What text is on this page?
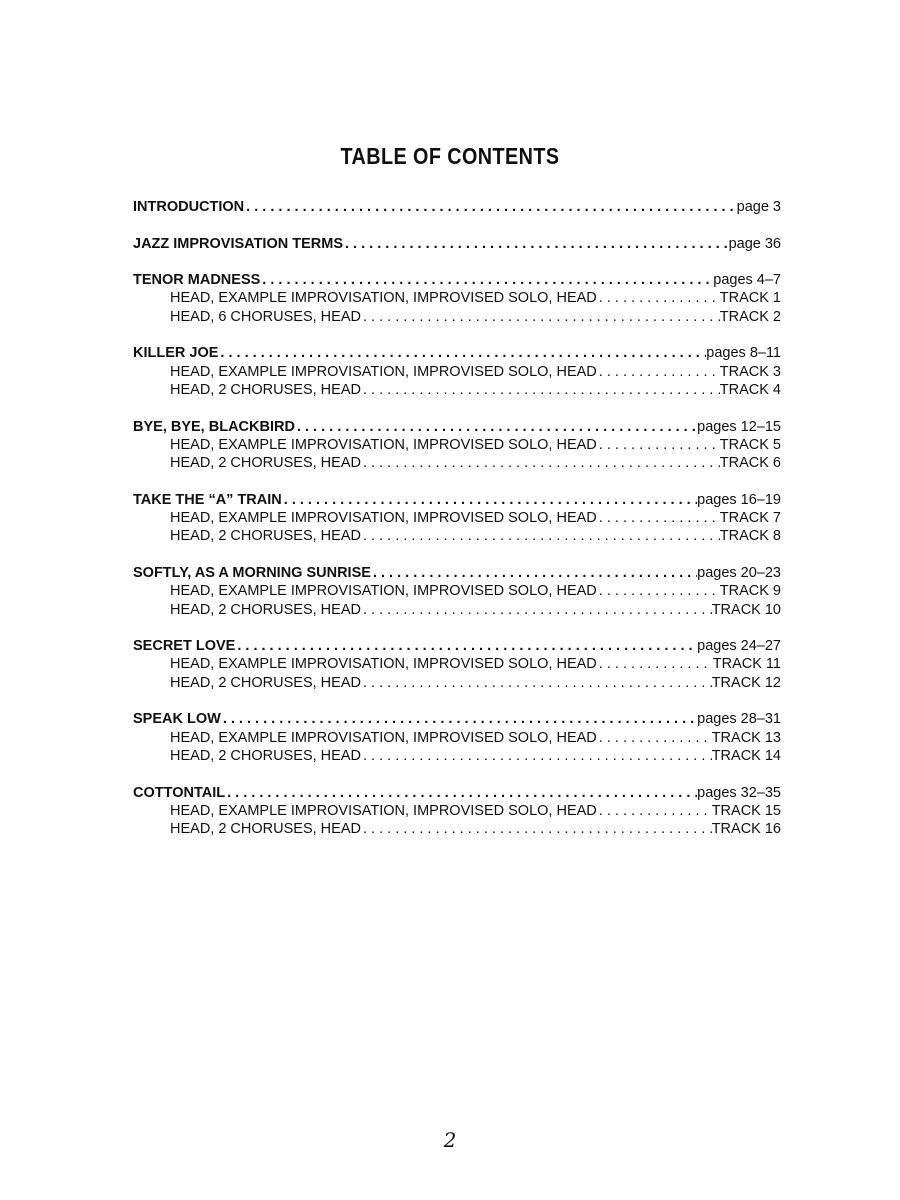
TABLE OF CONTENTS
INTRODUCTION . . .	page 3
JAZZ IMPROVISATION TERMS . . .	page 36
TENOR MADNESS . . .	pages 4–7
HEAD, EXAMPLE IMPROVISATION, IMPROVISED SOLO, HEAD . . .	TRACK 1
HEAD, 6 CHORUSES, HEAD . . .	TRACK 2
KILLER JOE . . .	pages 8–11
HEAD, EXAMPLE IMPROVISATION, IMPROVISED SOLO, HEAD . . .	TRACK 3
HEAD, 2 CHORUSES, HEAD . . .	TRACK 4
BYE, BYE, BLACKBIRD . . .	pages 12–15
HEAD, EXAMPLE IMPROVISATION, IMPROVISED SOLO, HEAD . . .	TRACK 5
HEAD, 2 CHORUSES, HEAD . . .	TRACK 6
TAKE THE “A” TRAIN . . .	pages 16–19
HEAD, EXAMPLE IMPROVISATION, IMPROVISED SOLO, HEAD . . .	TRACK 7
HEAD, 2 CHORUSES, HEAD . . .	TRACK 8
SOFTLY, AS A MORNING SUNRISE . . .	pages 20–23
HEAD, EXAMPLE IMPROVISATION, IMPROVISED SOLO, HEAD . . .	TRACK 9
HEAD, 2 CHORUSES, HEAD . . .	TRACK 10
SECRET LOVE . . .	pages 24–27
HEAD, EXAMPLE IMPROVISATION, IMPROVISED SOLO, HEAD . . .	TRACK 11
HEAD, 2 CHORUSES, HEAD . . .	TRACK 12
SPEAK LOW . . .	pages 28–31
HEAD, EXAMPLE IMPROVISATION, IMPROVISED SOLO, HEAD . . .	TRACK 13
HEAD, 2 CHORUSES, HEAD . . .	TRACK 14
COTTONTAIL . . .	pages 32–35
HEAD, EXAMPLE IMPROVISATION, IMPROVISED SOLO, HEAD . . .	TRACK 15
HEAD, 2 CHORUSES, HEAD . . .	TRACK 16
2
